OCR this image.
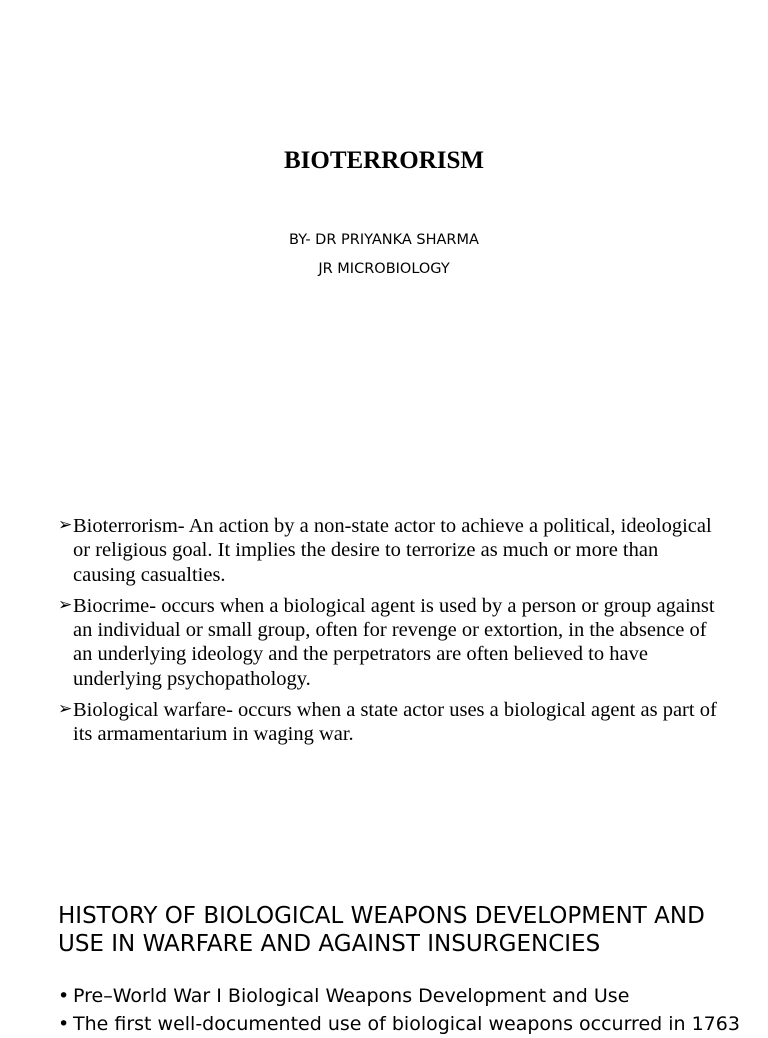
BIOTERRORISM

BY- DR PRIYANKA SHARMA

JR MICROBIOLOGY

➢ Bioterrorism- An action by a non-state actor to achieve a political, ideological or religious goal. It implies the desire to terrorize as much or more than causing casualties.
➢ Biocrime- occurs when a biological agent is used by a person or group against an individual or small group, often for revenge or extortion, in the absence of an underlying ideology and the perpetrators are often believed to have underlying psychopathology.
➢ Biological warfare- occurs when a state actor uses a biological agent as part of its armamentarium in waging war.
HISTORY OF BIOLOGICAL WEAPONS DEVELOPMENT AND USE IN WARFARE AND AGAINST INSURGENCIES
• Pre–World War I Biological Weapons Development and Use
• The first well-documented use of biological weapons occurred in 1763
